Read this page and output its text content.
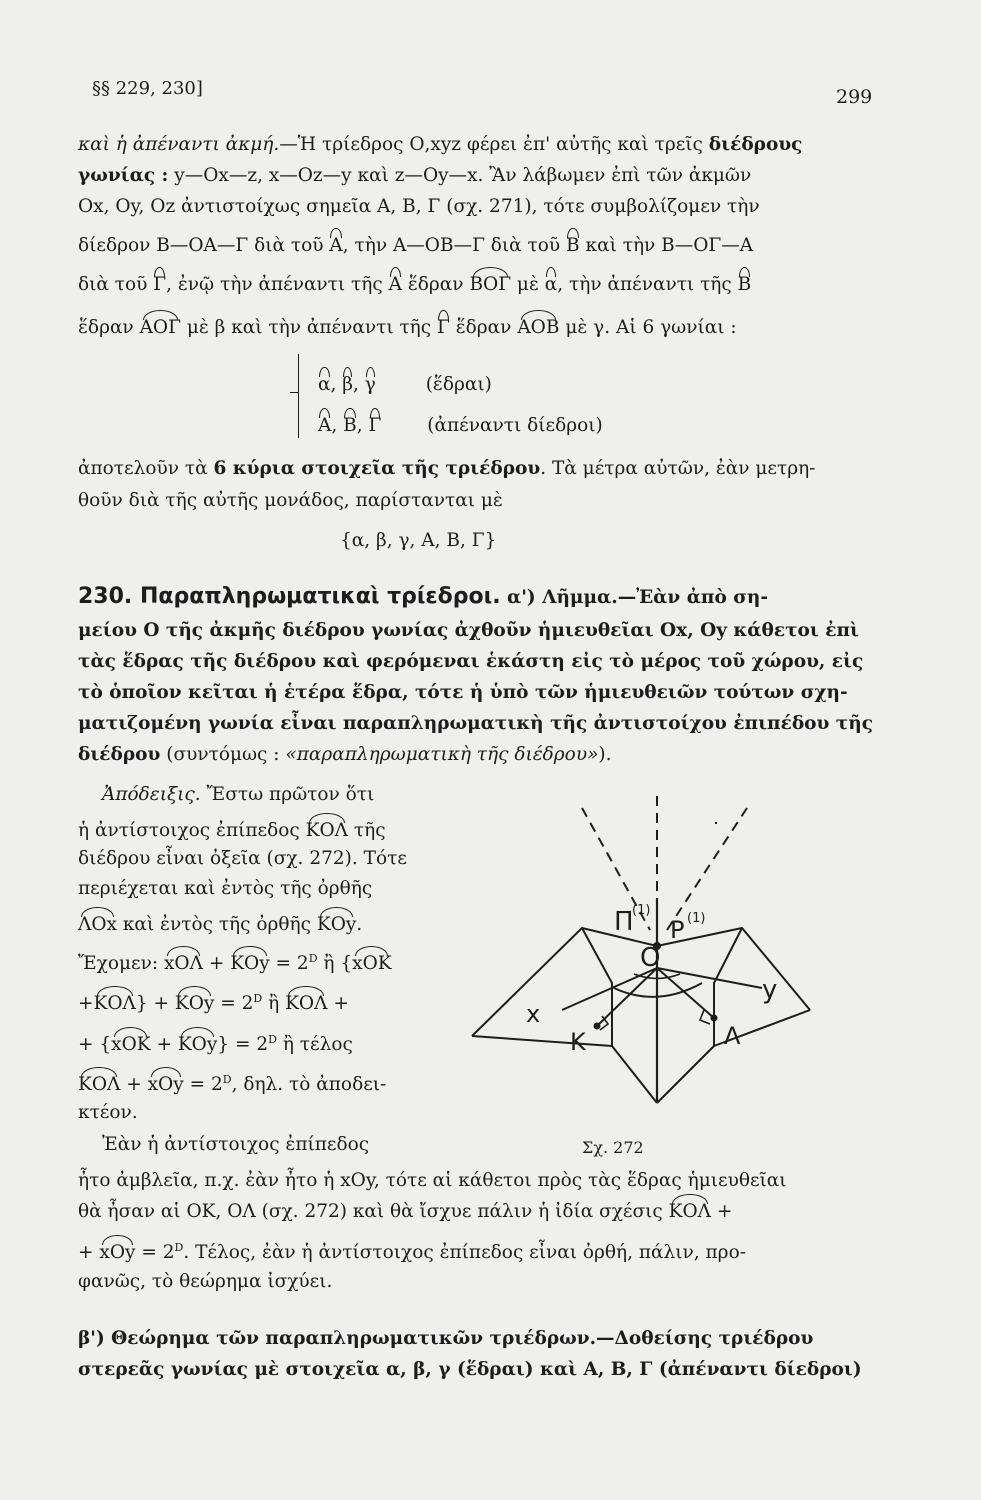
§§ 229, 230]	299
καὶ ἡ ἀπέναντι ἀκμή.—Ἡ τρίεδρος Ο,xyz φέρει ἐπ' αὐτῆς καὶ τρεῖς διέδρους
γωνίας : y—Ox—z, x—Oz—y καὶ z—Oy—x. Ἂν λάβωμεν ἐπὶ τῶν ἀκμῶν
Ox, Oy, Oz ἀντιστοίχως σημεῖα Α, Β, Γ (σχ. 271), τότε συμβολίζομεν τὴν
δίεδρον Β—ΟΑ—Γ διὰ τοῦ Α, τὴν Α—ΟΒ—Γ διὰ τοῦ Β καὶ τὴν Β—ΟΓ—Α
διὰ τοῦ Γ, ἐνῷ τὴν ἀπέναντι τῆς Α ἕδραν ΒΟΓ μὲ α, τὴν ἀπέναντι τῆς Β
ἕδραν ΑΟΓ μὲ β καὶ τὴν ἀπέναντι τῆς Γ ἕδραν ΑΟΒ μὲ γ. Αἱ 6 γωνίαι :
α, β, γ	(ἕδραι)
Α, Β, Γ (ἀπέναντι δίεδροι)
ἀποτελοῦν τὰ 6 κύρια στοιχεῖα τῆς τριέδρου. Τὰ μέτρα αὐτῶν, ἐὰν μετρη-
θοῦν διὰ τῆς αὐτῆς μονάδος, παρίστανται μὲ
{α, β, γ, Α, Β, Γ}
230. Παραπληρωματικαὶ τρίεδροι. α') Λῆμμα.—Ἐὰν ἀπὸ ση-
μείου Ο τῆς ἀκμῆς διέδρου γωνίας ἀχθοῦν ἡμιευθεῖαι Ox, Oy κάθετοι ἐπὶ
τὰς ἕδρας τῆς διέδρου καὶ φερόμεναι ἑκάστη εἰς τὸ μέρος τοῦ χώρου, εἰς
τὸ ὁποῖον κεῖται ἡ ἑτέρα ἕδρα, τότε ἡ ὑπὸ τῶν ἡμιευθειῶν τούτων σχη-
ματιζομένη γωνία εἶναι παραπληρωματικὴ τῆς ἀντιστοίχου ἐπιπέδου τῆς
διέδρου (συντόμως : «παραπληρωματικὴ τῆς διέδρου»).
Ἀπόδειξις. Ἔστω πρῶτον ὅτι
ἡ ἀντίστοιχος ἐπίπεδος ΚΟΛ τῆς
διέδρου εἶναι ὀξεῖα (σχ. 272). Τότε
περιέχεται καὶ ἐντὸς τῆς ὀρθῆς
ΛΟx καὶ ἐντὸς τῆς ὀρθῆς ΚΟy.
Ἔχομεν: $xO\Lambda + KOy = 2^D$ ἢ {xΟΚ
$+KO\Lambda\} + KOy = 2^D$ ἢ ΚΟΛ +
+ $\{xOK + KOy\} = 2^D$ ἢ τέλος
$KO\Lambda + xOy = 2^D$, δηλ. τὸ ἀποδει-
κτέον.
Ἐὰν ἡ ἀντίστοιχος ἐπίπεδος	Σχ. 272
ἦτο ἀμβλεῖα, π.χ. ἐὰν ἦτο ἡ xΟy, τότε αἱ κάθετοι πρὸς τὰς ἕδρας ἡμιευθεῖαι
θὰ ἦσαν αἱ ΟΚ, ΟΛ (σχ. 272) καὶ θὰ ἴσχυε πάλιν ἡ ἰδία σχέσις ΚΟΛ +
+ $xOy = 2^D$. Τέλος, ἐὰν ἡ ἀντίστοιχος ἐπίπεδος εἶναι ὀρθή, πάλιν, προ-
φανῶς, τὸ θεώρημα ἰσχύει.
β') Θεώρημα τῶν παραπληρωματικῶν τριέδρων.—Δοθείσης τριέδρου
στερεᾶς γωνίας μὲ στοιχεῖα α, β, γ (ἕδραι) καὶ Α, Β, Γ (ἀπέναντι δίεδροι)
Π
(1)
Ρ (1)
O
x
y
K	Λ
